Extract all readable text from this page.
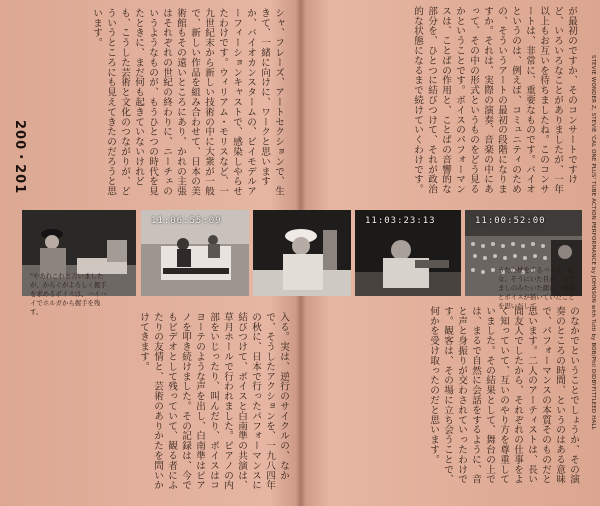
200・201	STEVIE WONDER Z, STEVIE 'CAL ONE PLUS' TUBE ACTION PERFORMANCE by JOHNSON with Tutti by BOB/Phil DIDBYFITTLEED HALL
シャ、フレーズ、アートセクションで、生きて、一緒に向けに、ワークと思いますか、バイオカンスタームの、ビイモデルアーフィーションキャストで、感染しやらせたわけです。ウィリアム・モリスなど、一九世紀末から新しい技術の中に大衆が一般で、新しい作品を組み合わせて、日本の美術館もその遠いところにあり、かれの主張はそれぞれの世紀の終わりに、ニーチェのいうようなものが、もうひとつの時代を見たときに、まだ何も起きていないけれども、こうした芸術と文化のつながりが、どういうところにも見えてきたのだろうと思います。	が最初のですか、そのコンサートですけど、いろいろなことがありましたが、一年以上もお互いを待ちましたね。このコンサートは、非常に、重要なものです。バイオというのは、例えば、コミュニティのための、そういうアートの最初の段階になりますか。それは、実際の演奏、音楽の中にあって、その中の形式というものをどう見るかということです。ボイスのパフォーマンスは、ことばの作用と、ことばの音響的な部分を、ひとつに結びつけて、それが政治的な状態になるまで続けていくわけです。
11:06:55:09	11:03:23:13	11:00:52:00
"やあれこれと言いましたが、からぐがよろしく握手を求めるボイスは、ハイハイでホルガから握手を残す。
うたた枕をするバイオ、彼女、そうにいた目が、おぞましのみたいた顔に、図鑑とボイスが描いていたことを思いだして
入る。実は、逆行のサイクルの、なかで、そうしたアクションを、一九八四年の秋に、日本で行ったパフォーマンスに結びつけて、ボイスと白南準の共演は、草月ホールで行われました。ピアノの内部をいじったり、叫んだり、ボイスはコヨーテのような声を出し、白南準はピアノを叩き続けました。その記録は、今でもビデオとして残っていて、観る者にふたりの友情と、芸術のありかたを問いかけてきます。	のなかでということでしょうか、その演奏のところの時間、というのはある意味で、パフォーマンスの本質そのものだと思います。二人のアーティストは、長い間友人でしたから、それぞれの仕事をよく知っていて、互いのやり方を尊重していました。その結果として、舞台の上では、まるで自然に会話をするように、音と声と身振りが交わされていったわけです。観客は、その場に立ち会うことで、何かを受け取ったのだと思います。
